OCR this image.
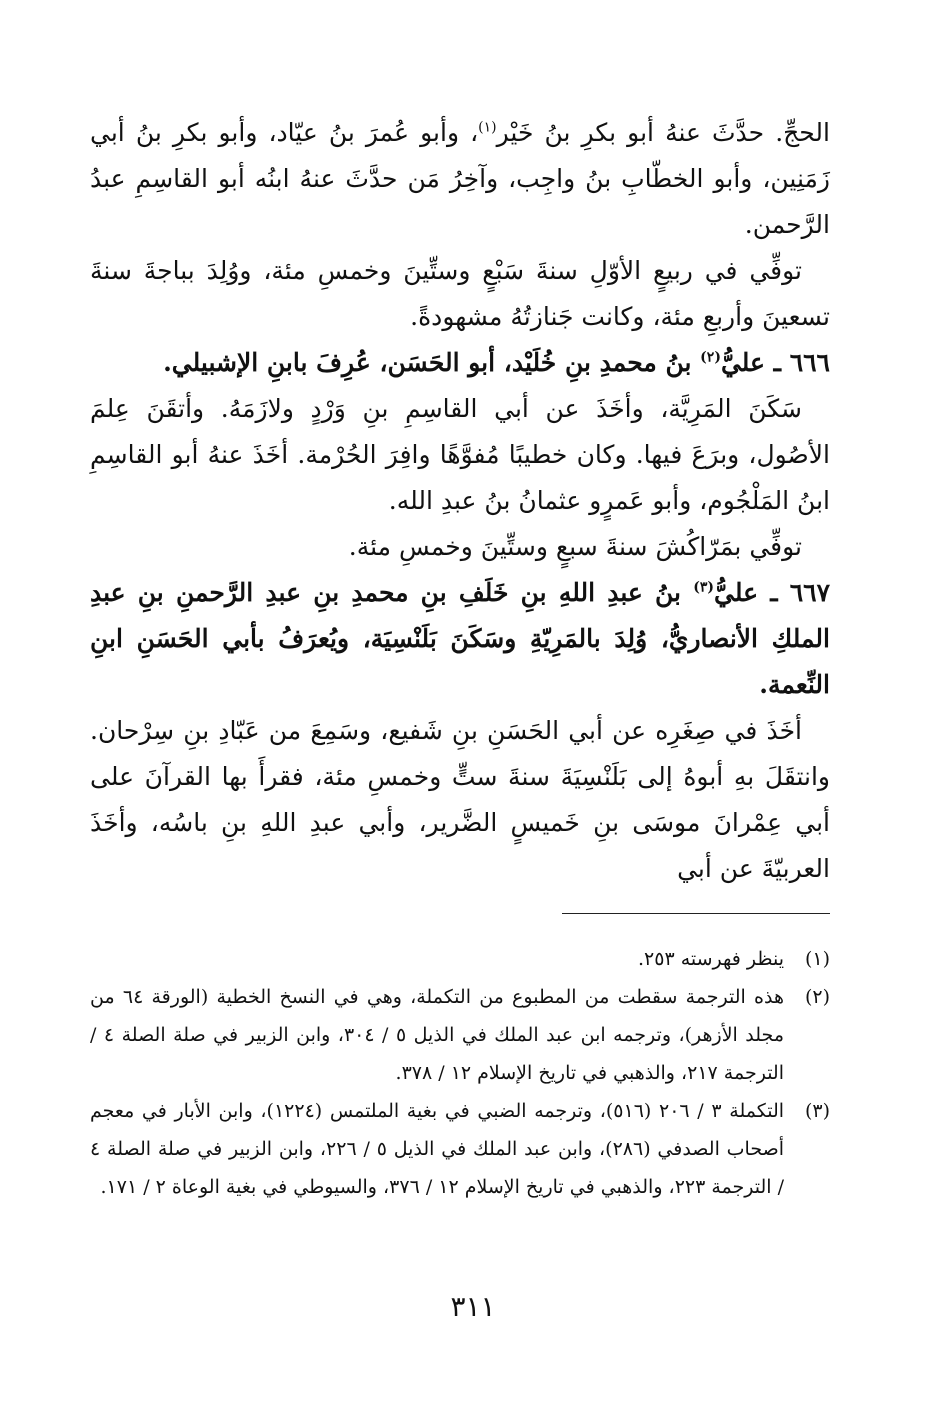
الحجِّ. حدَّثَ عنهُ أبو بكرِ بنُ خَيْر$^{(١)}$، وأبو عُمرَ بنُ عيّاد، وأبو بكرِ بنُ أبي زَمَنِين، وأبو الخطّابِ بنُ واجِب، وآخِرُ مَن حدَّثَ عنهُ ابنُه أبو القاسِمِ عبدُ الرَّحمن.

توفِّي في ربيعٍ الأوّلِ سنةَ سَبْعٍ وستِّينَ وخمسِ مئة، ووُلِدَ بباجةَ سنةَ تسعينَ وأربعِ مئة، وكانت جَنازتُهُ مشهودةً.

٦٦٦ ـ عليُّ$^{(٢)}$ بنُ محمدِ بنِ خُلَيْد، أبو الحَسَن، عُرِفَ بابنِ الإشبيلي.

سَكَنَ المَرِيَّة، وأخَذَ عن أبي القاسِمِ بنِ وَرْدٍ ولازَمَهُ. وأتقَنَ عِلمَ الأصُول، وبرَعَ فيها. وكان خطيبًا مُفوَّهًا وافِرَ الحُرْمة. أخَذَ عنهُ أبو القاسِمِ ابنُ المَلْجُوم، وأبو عَمرٍو عثمانُ بنُ عبدِ الله.

توفِّي بمَرّاكُشَ سنةَ سبعٍ وستِّينَ وخمسِ مئة.

٦٦٧ ـ عليُّ$^{(٣)}$ بنُ عبدِ اللهِ بنِ خَلَفِ بنِ محمدِ بنِ عبدِ الرَّحمنِ بنِ عبدِ الملكِ الأنصاريُّ، وُلِدَ بالمَرِيّةِ وسَكَنَ بَلَنْسِيَة، ويُعرَفُ بأبي الحَسَنِ ابنِ النِّعمة.

أخَذَ في صِغَرِه عن أبي الحَسَنِ بنِ شَفيع، وسَمِعَ من عَبّادِ بنِ سِرْحان. وانتقَلَ بهِ أبوهُ إلى بَلَنْسِيَةَ سنةَ ستٍّ وخمسِ مئة، فقرأَ بها القرآنَ على أبي عِمْرانَ موسَى بنِ خَميسٍ الضَّرير، وأبي عبدِ اللهِ بنِ باسُه، وأخَذَ العربيّةَ عن أبي

(١)
ينظر فهرسته ٢٥٣.
(٢)
هذه الترجمة سقطت من المطبوع من التكملة، وهي في النسخ الخطية (الورقة ٦٤ من مجلد الأزهر)، وترجمه ابن عبد الملك في الذيل ٥ / ٣٠٤، وابن الزبير في صلة الصلة ٤ / الترجمة ٢١٧، والذهبي في تاريخ الإسلام ١٢ / ٣٧٨.
(٣)
التكملة ٣ / ٢٠٦ (٥١٦)، وترجمه الضبي في بغية الملتمس (١٢٢٤)، وابن الأبار في معجم أصحاب الصدفي (٢٨٦)، وابن عبد الملك في الذيل ٥ / ٢٢٦، وابن الزبير في صلة الصلة ٤ / الترجمة ٢٢٣، والذهبي في تاريخ الإسلام ١٢ / ٣٧٦، والسيوطي في بغية الوعاة ٢ / ١٧١.
٣١١
